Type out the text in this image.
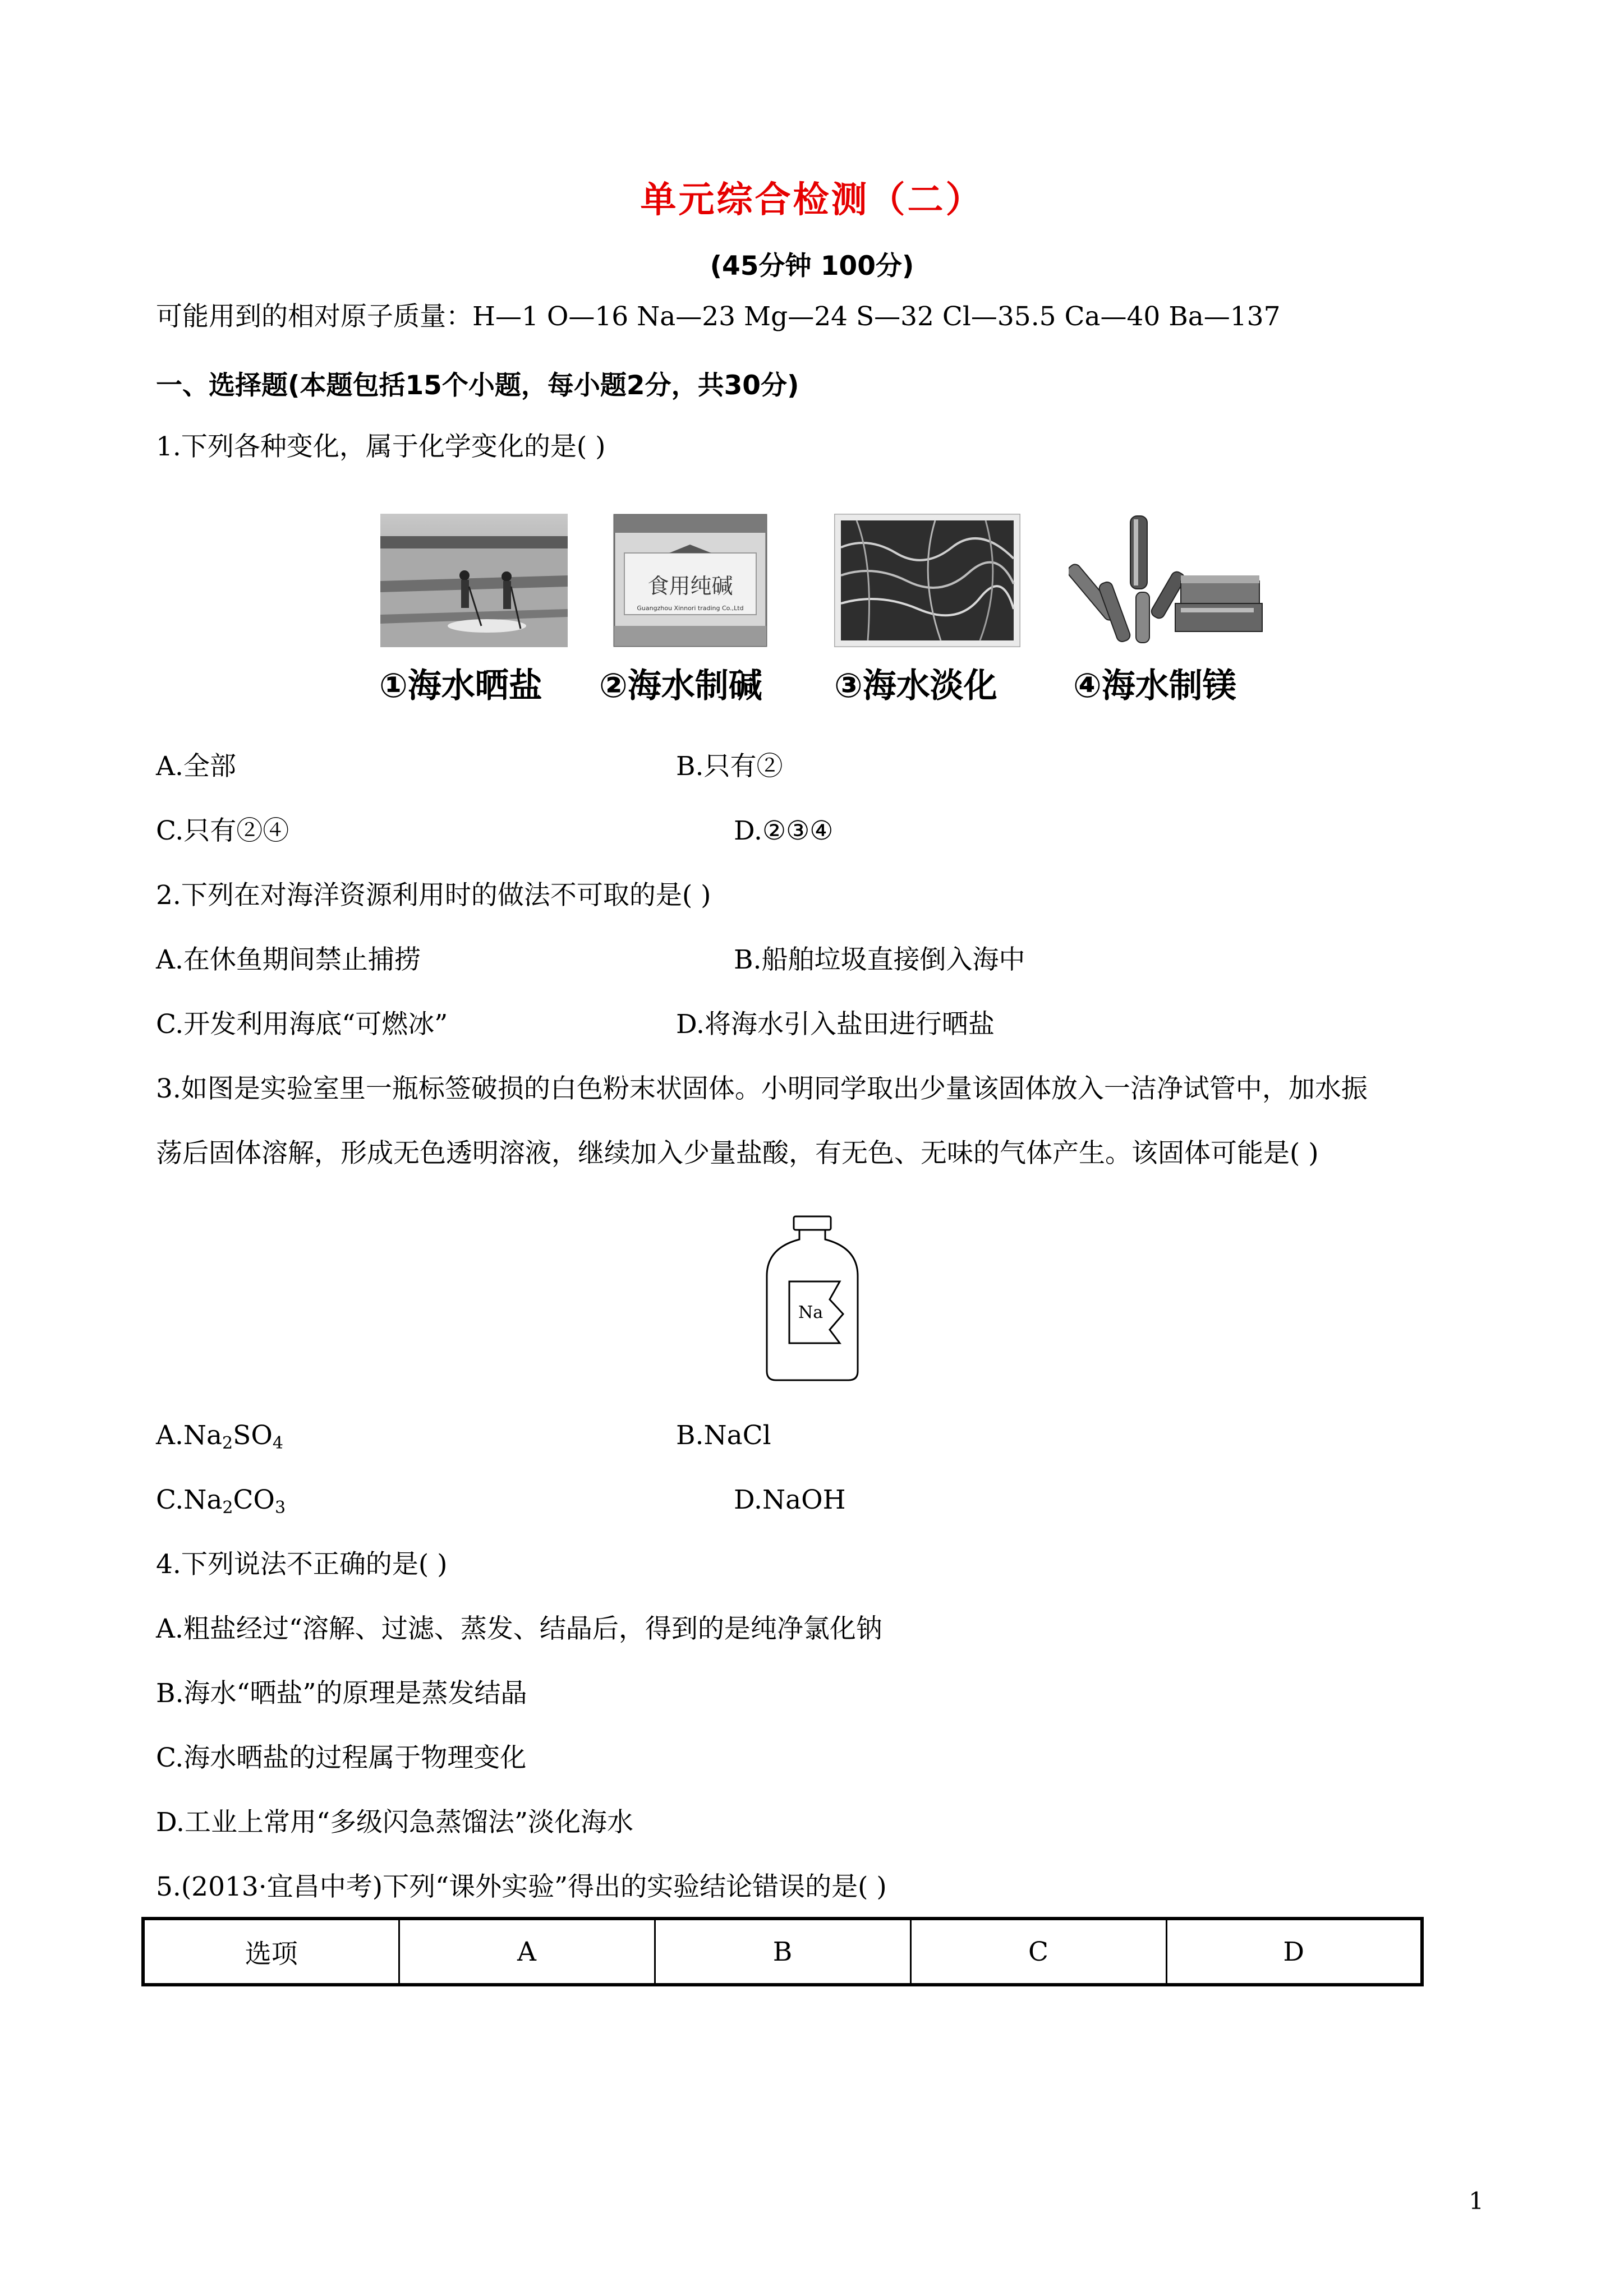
单元综合检测（二）
(45分钟 100分)
可能用到的相对原子质量：H—1 O—16 Na—23 Mg—24 S—32 Cl—35.5 Ca—40 Ba—137
一、选择题(本题包括15个小题，每小题2分，共30分)
1.下列各种变化，属于化学变化的是( )
①海水晒盐
食用纯碱
Guangzhou Xinnori trading Co.,Ltd
②海水制碱 ③海水淡化 ④海水制镁
A.全部	B.只有②
C.只有②④	D.②③④
2.下列在对海洋资源利用时的做法不可取的是( )
A.在休鱼期间禁止捕捞	B.船舶垃圾直接倒入海中
C.开发利用海底“可燃冰”	D.将海水引入盐田进行晒盐
3.如图是实验室里一瓶标签破损的白色粉末状固体。小明同学取出少量该固体放入一洁净试管中，加水振
荡后固体溶解，形成无色透明溶液，继续加入少量盐酸，有无色、无味的气体产生。该固体可能是( )
Na
$A.Na_2SO_4$	B.NaCl
$C.Na_2CO_3$	D.NaOH
4.下列说法不正确的是( )
A.粗盐经过“溶解、过滤、蒸发、结晶后，得到的是纯净氯化钠
B.海水“晒盐”的原理是蒸发结晶
C.海水晒盐的过程属于物理变化
D.工业上常用“多级闪急蒸馏法”淡化海水
5.(2013·宜昌中考)下列“课外实验”得出的实验结论错误的是( )
选项	A	B	C	D
1
